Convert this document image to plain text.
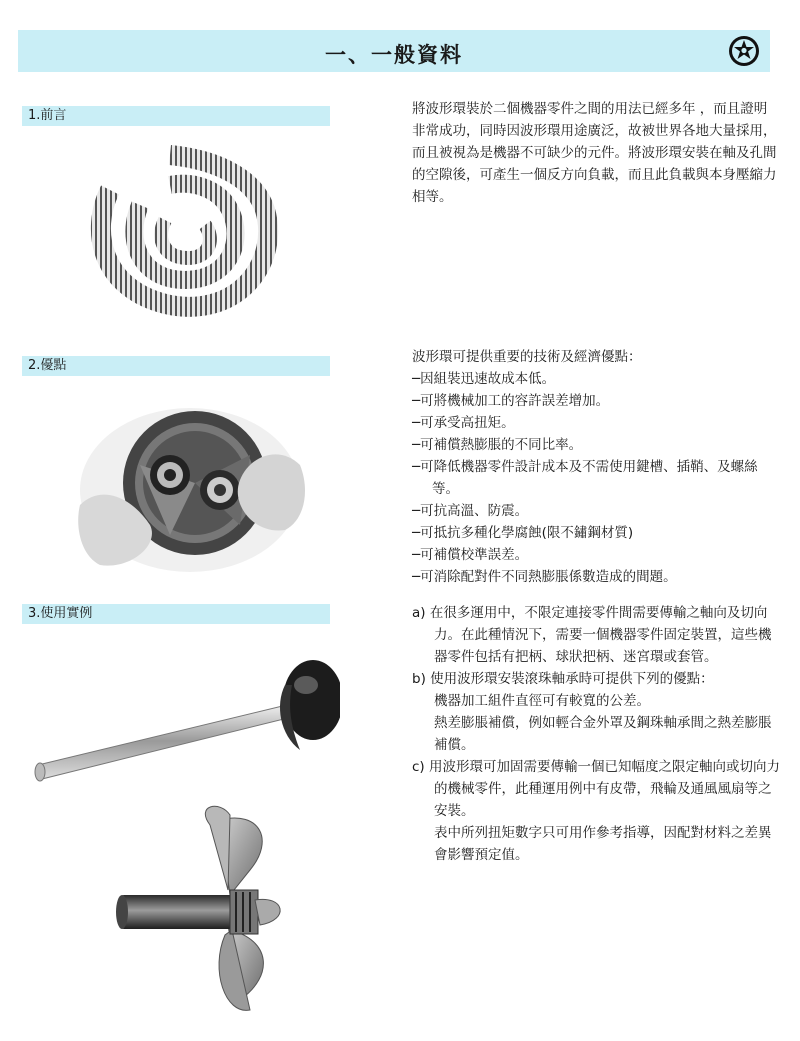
一、一般資料
1.前言	將波形環裝於二個機器零件之間的用法已經多年 ，而且證明非常成功，同時因波形環用途廣泛，故被世界各地大量採用，而且被視為是機器不可缺少的元件。將波形環安裝在軸及孔間的空隙後，可產生一個反方向負載，而且此負載與本身壓縮力相等。
2.優點
波形環可提供重要的技術及經濟優點：
─因組裝迅速故成本低。
─可將機械加工的容許誤差增加。
─可承受高扭矩。
─可補償熱膨脹的不同比率。
─可降低機器零件設計成本及不需使用鍵槽、插鞘、及螺絲等。
─可抗高溫、防震。
─可抵抗多種化學腐蝕(限不鏽鋼材質)
─可補償校準誤差。
─可消除配對件不同熱膨脹係數造成的間題。
3.使用實例	a) 在很多運用中，不限定連接零件間需要傳輸之軸向及切向力。在此種情況下，需要一個機器零件固定裝置，這些機器零件包括有把柄、球狀把柄、迷宮環或套管。

b) 使用波形環安裝滾珠軸承時可提供下列的優點：

機器加工組件直徑可有較寬的公差。

熱差膨脹補償，例如輕合金外罩及鋼珠軸承間之熱差膨脹補償。

c) 用波形環可加固需要傳輸一個已知幅度之限定軸向或切向力的機械零件，此種運用例中有皮帶，飛輪及通風風扇等之安裝。

表中所列扭矩數字只可用作參考指導，因配對材料之差異會影響預定值。
